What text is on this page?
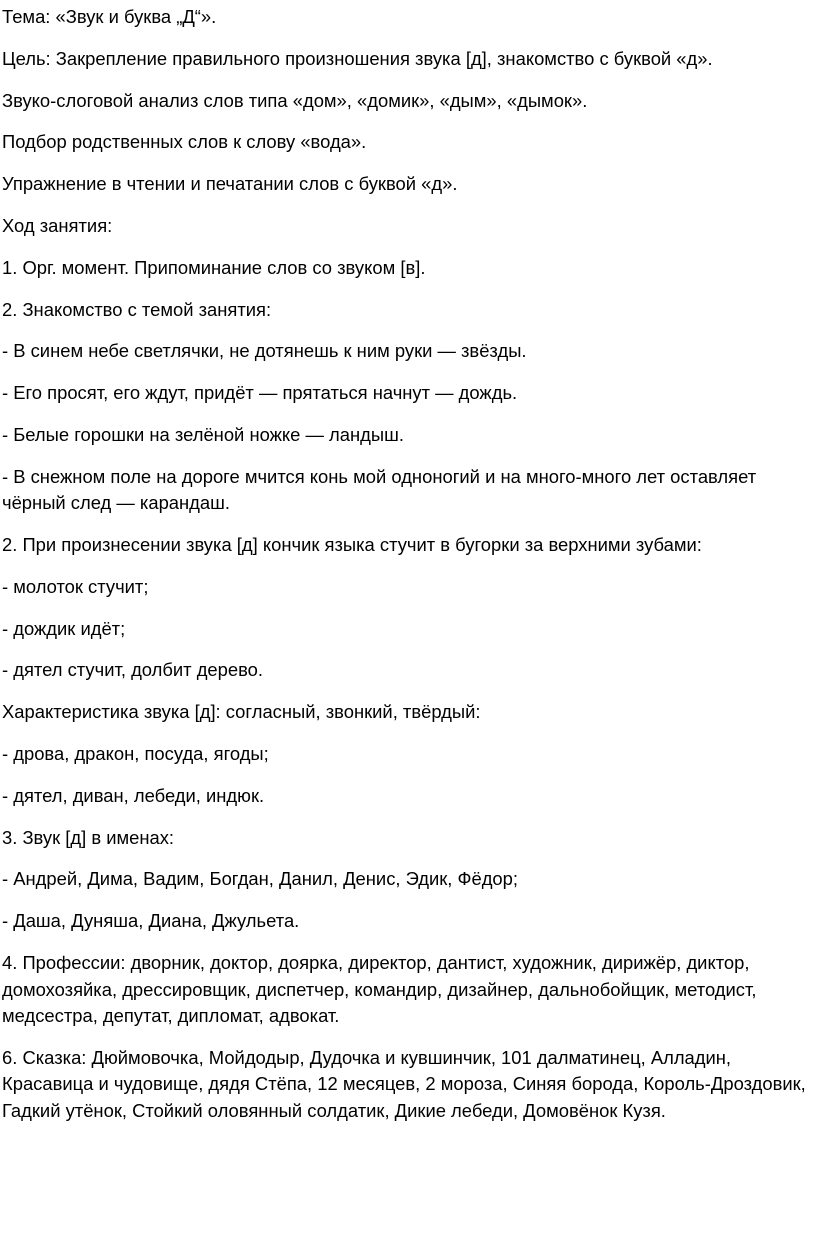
Тема: «Звук и буква „Д“».

Цель: Закрепление правильного произношения звука [д], знакомство с буквой «д».

Звуко-слоговой анализ слов типа «дом», «домик», «дым», «дымок».

Подбор родственных слов к слову «вода».

Упражнение в чтении и печатании слов с буквой «д».

Ход занятия:

1. Орг. момент. Припоминание слов со звуком [в].

2. Знакомство с темой занятия:

- В синем небе светлячки, не дотянешь к ним руки — звёзды.

- Его просят, его ждут, придёт — прятаться начнут — дождь.

- Белые горошки на зелёной ножке — ландыш.

- В снежном поле на дороге мчится конь мой одноногий и на много-много лет оставляет чёрный след — карандаш.

2. При произнесении звука [д] кончик языка стучит в бугорки за верхними зубами:

- молоток стучит;

- дождик идёт;

- дятел стучит, долбит дерево.

Характеристика звука [д]: согласный, звонкий, твёрдый:

- дрова, дракон, посуда, ягоды;

- дятел, диван, лебеди, индюк.

3. Звук [д] в именах:

- Андрей, Дима, Вадим, Богдан, Данил, Денис, Эдик, Фёдор;

- Даша, Дуняша, Диана, Джульета.

4. Профессии: дворник, доктор, доярка, директор, дантист, художник, дирижёр, диктор, домохозяйка, дрессировщик, диспетчер, командир, дизайнер, дальнобойщик, методист, медсестра, депутат, дипломат, адвокат.

6. Сказка: Дюймовочка, Мойдодыр, Дудочка и кувшинчик, 101 далматинец, Алладин, Красавица и чудовище, дядя Стёпа, 12 месяцев, 2 мороза, Синяя борода, Король-Дроздовик, Гадкий утёнок, Стойкий оловянный солдатик, Дикие лебеди, Домовёнок Кузя.
